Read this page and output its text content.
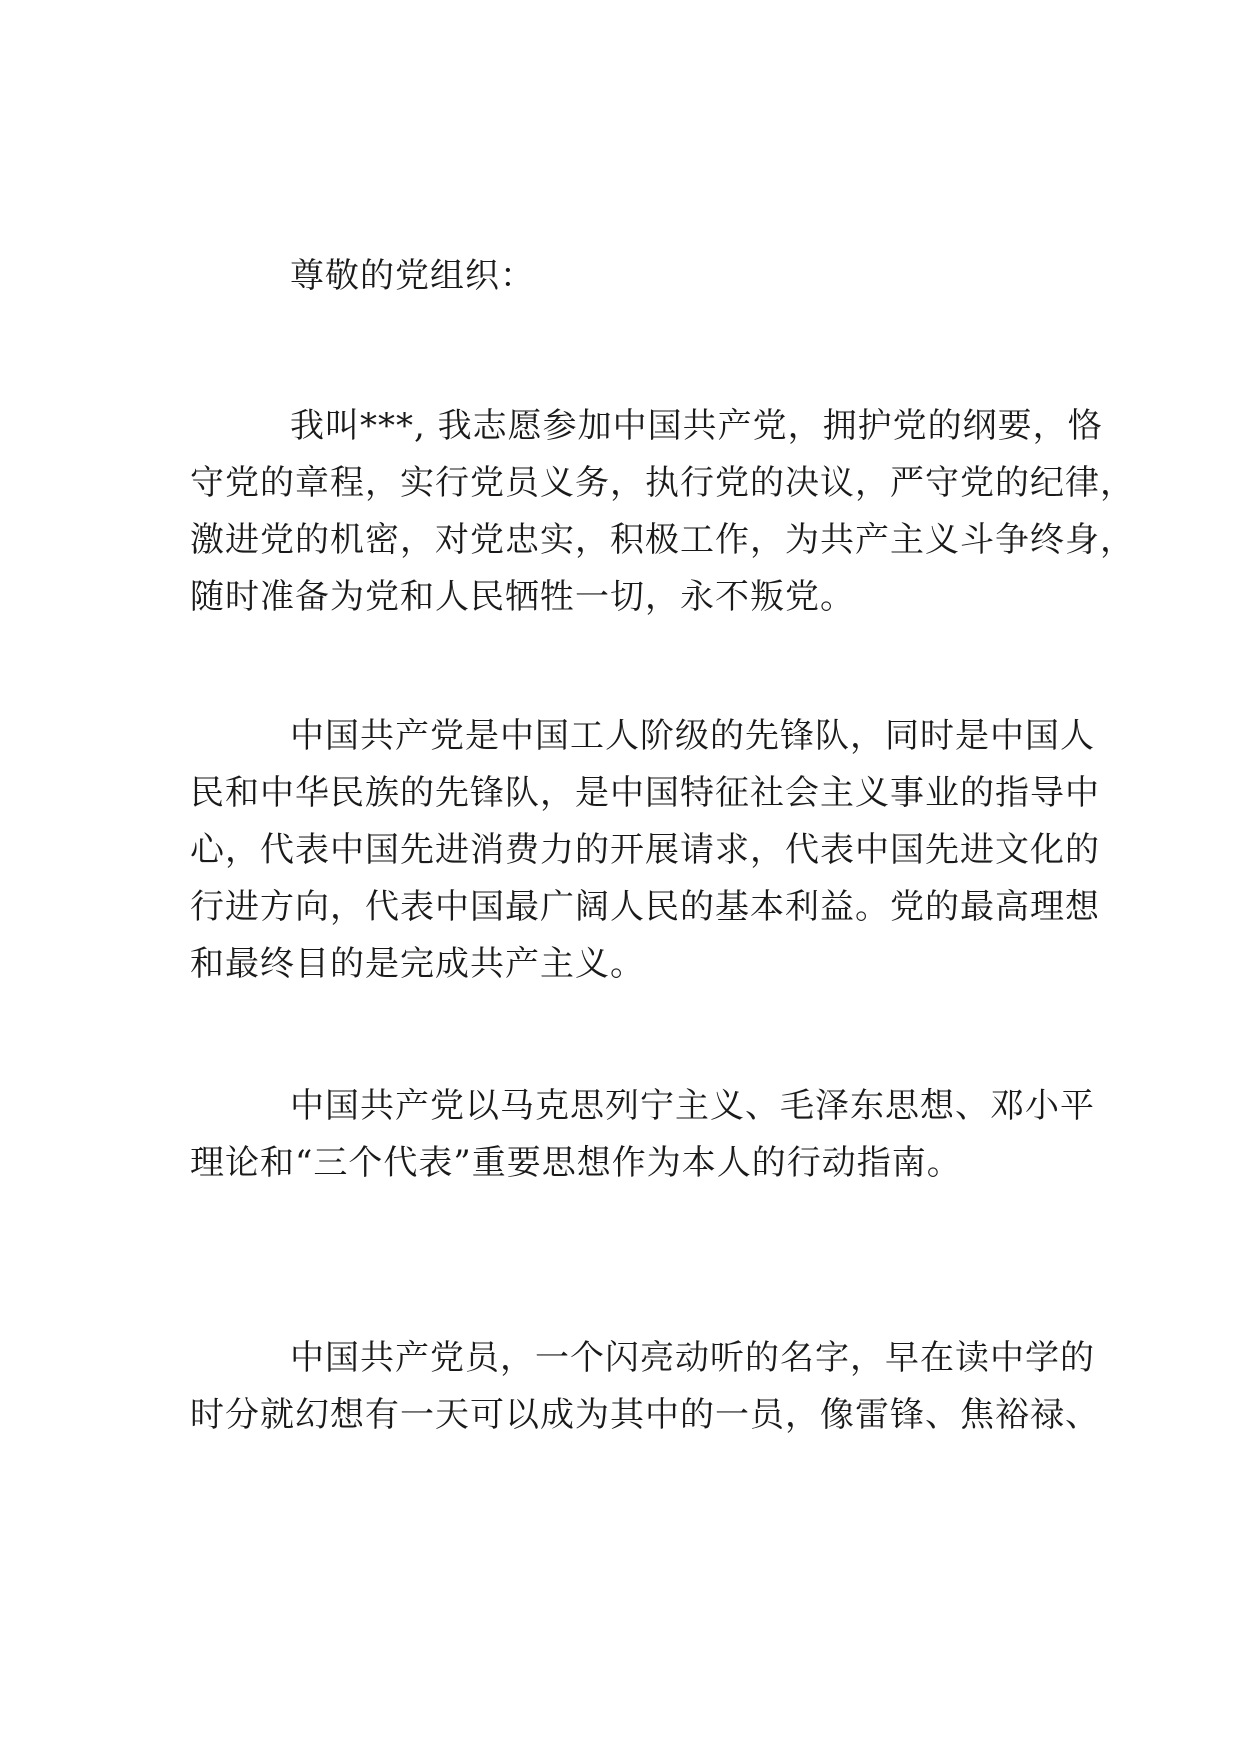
尊敬的党组织：
我叫***, 我志愿参加中国共产党，拥护党的纲要，恪
守党的章程，实行党员义务，执行党的决议，严守党的纪律，
激进党的机密，对党忠实，积极工作，为共产主义斗争终身，
随时准备为党和人民牺牲一切，永不叛党。
中国共产党是中国工人阶级的先锋队，同时是中国人
民和中华民族的先锋队，是中国特征社会主义事业的指导中
心，代表中国先进消费力的开展请求，代表中国先进文化的
行进方向，代表中国最广阔人民的基本利益。党的最高理想
和最终目的是完成共产主义。
中国共产党以马克思列宁主义、毛泽东思想、邓小平
理论和“三个代表”重要思想作为本人的行动指南。
中国共产党员，一个闪亮动听的名字，早在读中学的
时分就幻想有一天可以成为其中的一员，像雷锋、焦裕禄、
